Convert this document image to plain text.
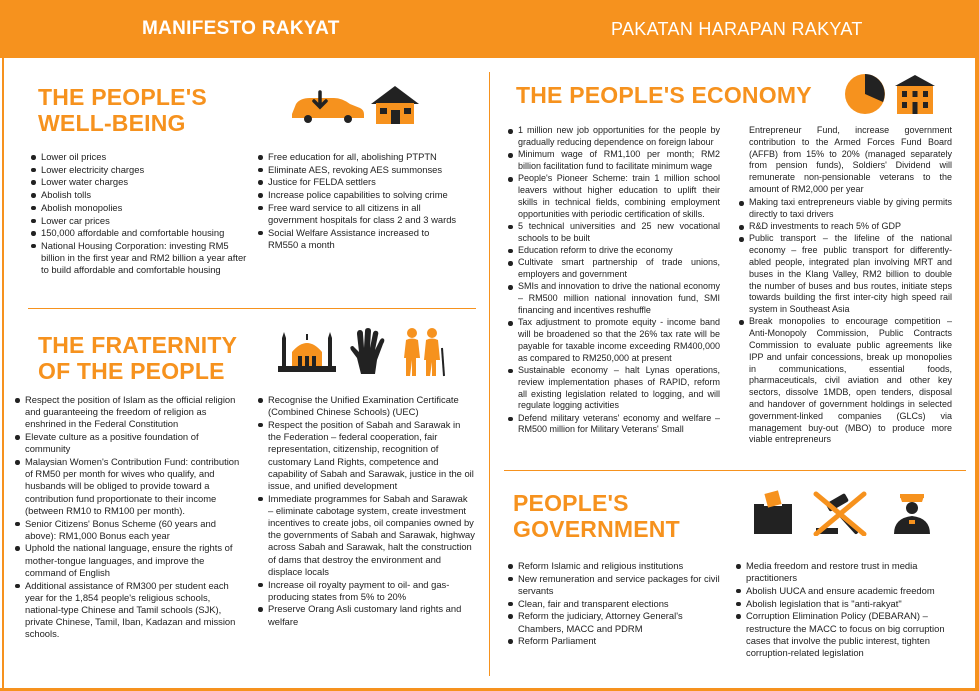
MANIFESTO RAKYAT	PAKATAN HARAPAN RAKYAT
THE PEOPLE'S
WELL-BEING
Lower oil prices
Lower electricity charges
Lower water charges
Abolish tolls
Abolish monopolies
Lower car prices
150,000 affordable and comfortable housing
National Housing Corporation: investing RM5 billion in the first year and RM2 billion a year after to build affordable and comfortable housing
Free education for all, abolishing PTPTN
Eliminate AES, revoking AES summonses
Justice for FELDA settlers
Increase police capabilities to solving crime
Free ward service to all citizens in all government hospitals for class 2 and 3 wards
Social Welfare Assistance increased to RM550 a month
THE FRATERNITY
OF THE PEOPLE
Respect the position of Islam as the official religion and guaranteeing the freedom of religion as enshrined in the Federal Constitution
Elevate culture as a positive foundation of community
Malaysian Women's Contribution Fund: contribution of RM50 per month for wives who qualify, and husbands will be obliged to provide toward a contribution fund proportionate to their income (between RM10 to RM100 per month).
Senior Citizens' Bonus Scheme (60 years and above): RM1,000 Bonus each year
Uphold the national language, ensure the rights of mother-tongue languages, and improve the command of English
Additional assistance of RM300 per student each year for the 1,854 people's religious schools, national-type Chinese and Tamil schools (SJK), private Chinese, Tamil, Iban, Kadazan and mission schools.
Recognise the Unified Examination Certificate (Combined Chinese Schools) (UEC)
Respect the position of Sabah and Sarawak in the Federation – federal cooperation, fair representation, citizenship, recognition of customary Land Rights, competence and capability of Sabah and Sarawak, justice in the oil issue, and unified development
Immediate programmes for Sabah and Sarawak – eliminate cabotage system, create investment incentives to create jobs, oil companies owned by the governments of Sabah and Sarawak, highway across Sabah and Sarawak, halt the construction of dams that destroy the environment and displace locals
Increase oil royalty payment to oil- and gas-producing states from 5% to 20%
Preserve Orang Asli customary land rights and welfare
THE PEOPLE'S ECONOMY
1 million new job opportunities for the people by gradually reducing dependence on foreign labour
Minimum wage of RM1,100 per month; RM2 billion facilitation fund to facilitate minimum wage
People's Pioneer Scheme: train 1 million school leavers without higher education to uplift their skills in technical fields, combining employment opportunities with periodic certification of skills.
5 technical universities and 25 new vocational schools to be built
Education reform to drive the economy
Cultivate smart partnership of trade unions, employers and government
SMIs and innovation to drive the national economy – RM500 million national innovation fund, SMI financing and incentives reshuffle
Tax adjustment to promote equity - income band will be broadened so that the 26% tax rate will be payable for taxable income exceeding RM400,000 as compared to RM250,000 at present
Sustainable economy – halt Lynas operations, review implementation phases of RAPID, reform all existing legislation related to logging, and will regulate logging activities
Defend military veterans' economy and welfare – RM500 million for Military Veterans' Small
Entrepreneur Fund, increase government contribution to the Armed Forces Fund Board (AFFB) from 15% to 20% (managed separately from pension funds), Soldiers' Dividend will remunerate non-pensionable veterans to the amount of RM2,000 per year
Making taxi entrepreneurs viable by giving permits directly to taxi drivers
R&D investments to reach 5% of GDP
Public transport – the lifeline of the national economy – free public transport for differently-abled people, integrated plan involving MRT and buses in the Klang Valley, RM2 billion to double the number of buses and bus routes, initiate steps towards building the first inter-city high speed rail system in Southeast Asia
Break monopolies to encourage competition – Anti-Monopoly Commission, Public Contracts Commission to evaluate public agreements like IPP and unfair concessions, break up monopolies in communications, essential foods, pharmaceuticals, civil aviation and other key sectors, dissolve 1MDB, open tenders, disposal and handover of government holdings in selected government-linked companies (GLCs) via management buy-out (MBO) to produce more viable entrepreneurs
PEOPLE'S
GOVERNMENT
Reform Islamic and religious institutions
New remuneration and service packages for civil servants
Clean, fair and transparent elections
Reform the judiciary, Attorney General's Chambers, MACC and PDRM
Reform Parliament
Media freedom and restore trust in media practitioners
Abolish UUCA and ensure academic freedom
Abolish legislation that is "anti-rakyat"
Corruption Elimination Policy (DEBARAN) – restructure the MACC to focus on big corruption cases that involve the public interest, tighten corruption-related legislation
